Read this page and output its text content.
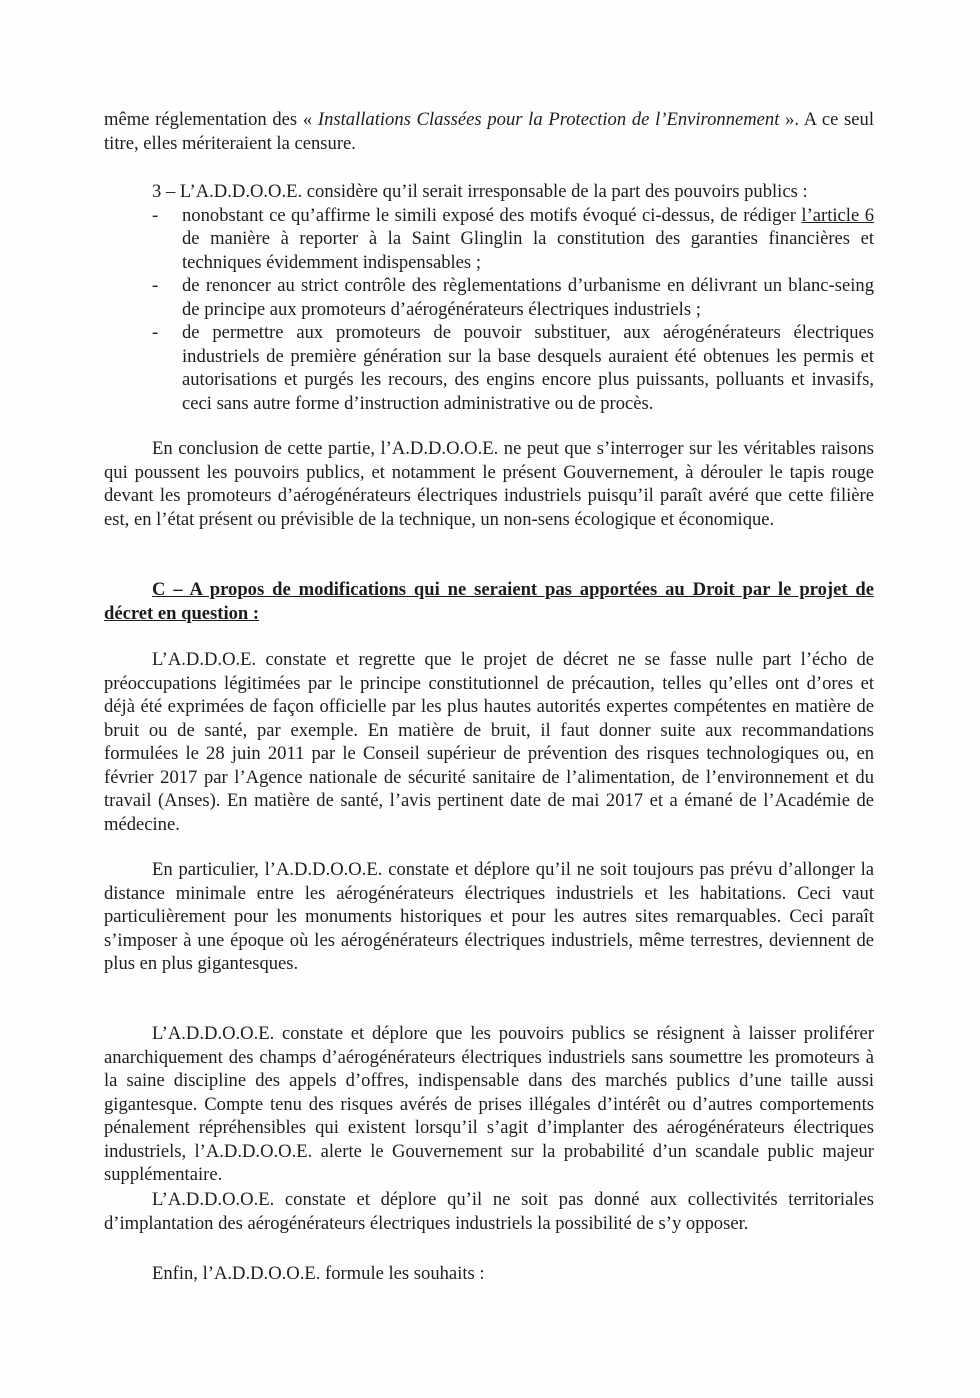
même réglementation des « Installations Classées pour la Protection de l’Environnement ». A ce seul titre, elles mériteraient la censure.

3 – L’A.D.D.O.O.E. considère qu’il serait irresponsable de la part des pouvoirs publics :

- nonobstant ce qu’affirme le simili exposé des motifs évoqué ci-dessus, de rédiger l’article 6 de manière à reporter à la Saint Glinglin la constitution des garanties financières et techniques évidemment indispensables ;
- de renoncer au strict contrôle des règlementations d’urbanisme en délivrant un blanc-seing de principe aux promoteurs d’aérogénérateurs électriques industriels ;
- de permettre aux promoteurs de pouvoir substituer, aux aérogénérateurs électriques industriels de première génération sur la base desquels auraient été obtenues les permis et autorisations et purgés les recours, des engins encore plus puissants, polluants et invasifs, ceci sans autre forme d’instruction administrative ou de procès.

En conclusion de cette partie, l’A.D.D.O.O.E. ne peut que s’interroger sur les véritables raisons qui poussent les pouvoirs publics, et notamment le présent Gouvernement, à dérouler le tapis rouge devant les promoteurs d’aérogénérateurs électriques industriels puisqu’il paraît avéré que cette filière est, en l’état présent ou prévisible de la technique, un non-sens écologique et économique.

C – A propos de modifications qui ne seraient pas apportées au Droit par le projet de décret en question :

L’A.D.D.O.E. constate et regrette que le projet de décret ne se fasse nulle part l’écho de préoccupations légitimées par le principe constitutionnel de précaution, telles qu’elles ont d’ores et déjà été exprimées de façon officielle par les plus hautes autorités expertes compétentes en matière de bruit ou de santé, par exemple. En matière de bruit, il faut donner suite aux recommandations formulées le 28 juin 2011 par le Conseil supérieur de prévention des risques technologiques ou, en février 2017 par l’Agence nationale de sécurité sanitaire de l’alimentation, de l’environnement et du travail (Anses). En matière de santé, l’avis pertinent date de mai 2017 et a émané de l’Académie de médecine.

En particulier, l’A.D.D.O.O.E. constate et déplore qu’il ne soit toujours pas prévu d’allonger la distance minimale entre les aérogénérateurs électriques industriels et les habitations. Ceci vaut particulièrement pour les monuments historiques et pour les autres sites remarquables. Ceci paraît s’imposer à une époque où les aérogénérateurs électriques industriels, même terrestres, deviennent de plus en plus gigantesques.

L’A.D.D.O.O.E. constate et déplore que les pouvoirs publics se résignent à laisser proliférer anarchiquement des champs d’aérogénérateurs électriques industriels sans soumettre les promoteurs à la saine discipline des appels d’offres, indispensable dans des marchés publics d’une taille aussi gigantesque. Compte tenu des risques avérés de prises illégales d’intérêt ou d’autres comportements pénalement répréhensibles qui existent lorsqu’il s’agit d’implanter des aérogénérateurs électriques industriels, l’A.D.D.O.O.E. alerte le Gouvernement sur la probabilité d’un scandale public majeur supplémentaire.

L’A.D.D.O.O.E. constate et déplore qu’il ne soit pas donné aux collectivités territoriales d’implantation des aérogénérateurs électriques industriels la possibilité de s’y opposer.

Enfin, l’A.D.D.O.O.E. formule les souhaits :
